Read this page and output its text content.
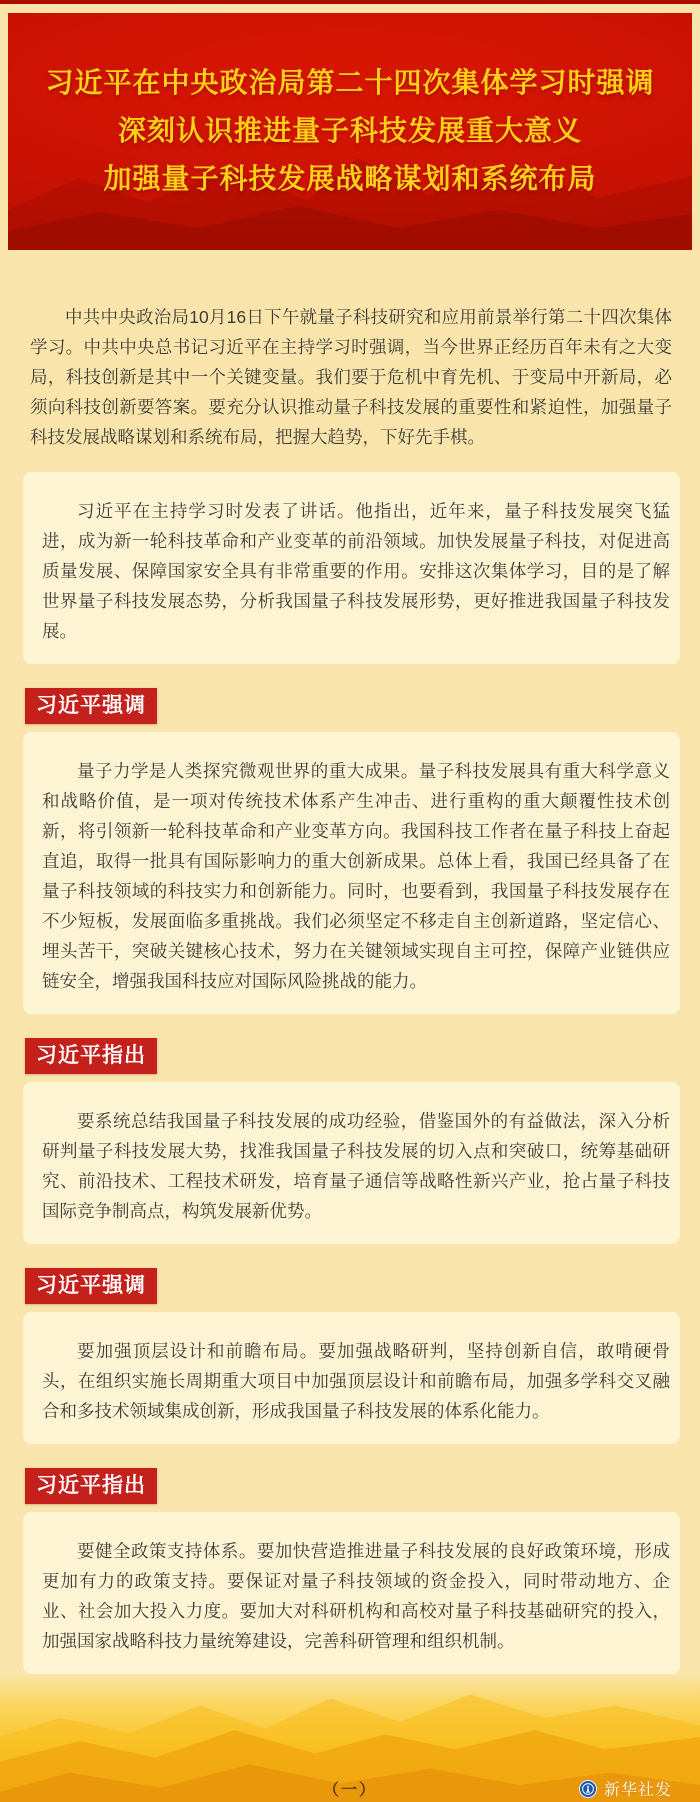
习近平在中央政治局第二十四次集体学习时强调
深刻认识推进量子科技发展重大意义
加强量子科技发展战略谋划和系统布局

中共中央政治局10月16日下午就量子科技研究和应用前景举行第二十四次集体学习。中共中央总书记习近平在主持学习时强调，当今世界正经历百年未有之大变局，科技创新是其中一个关键变量。我们要于危机中育先机、于变局中开新局，必须向科技创新要答案。要充分认识推动量子科技发展的重要性和紧迫性，加强量子科技发展战略谋划和系统布局，把握大趋势，下好先手棋。

习近平在主持学习时发表了讲话。他指出，近年来，量子科技发展突飞猛进，成为新一轮科技革命和产业变革的前沿领域。加快发展量子科技，对促进高质量发展、保障国家安全具有非常重要的作用。安排这次集体学习，目的是了解世界量子科技发展态势，分析我国量子科技发展形势，更好推进我国量子科技发展。
习近平强调
量子力学是人类探究微观世界的重大成果。量子科技发展具有重大科学意义和战略价值，是一项对传统技术体系产生冲击、进行重构的重大颠覆性技术创新，将引领新一轮科技革命和产业变革方向。我国科技工作者在量子科技上奋起直追，取得一批具有国际影响力的重大创新成果。总体上看，我国已经具备了在量子科技领域的科技实力和创新能力。同时，也要看到，我国量子科技发展存在不少短板，发展面临多重挑战。我们必须坚定不移走自主创新道路，坚定信心、埋头苦干，突破关键核心技术，努力在关键领域实现自主可控，保障产业链供应链安全，增强我国科技应对国际风险挑战的能力。
习近平指出
要系统总结我国量子科技发展的成功经验，借鉴国外的有益做法，深入分析研判量子科技发展大势，找准我国量子科技发展的切入点和突破口，统筹基础研究、前沿技术、工程技术研发，培育量子通信等战略性新兴产业，抢占量子科技国际竞争制高点，构筑发展新优势。
习近平强调
要加强顶层设计和前瞻布局。要加强战略研判，坚持创新自信，敢啃硬骨头，在组织实施长周期重大项目中加强顶层设计和前瞻布局，加强多学科交叉融合和多技术领域集成创新，形成我国量子科技发展的体系化能力。
习近平指出
要健全政策支持体系。要加快营造推进量子科技发展的良好政策环境，形成更加有力的政策支持。要保证对量子科技领域的资金投入，同时带动地方、企业、社会加大投入力度。要加大对科研机构和高校对量子科技基础研究的投入，加强国家战略科技力量统筹建设，完善科研管理和组织机制。
（一）	新华社发
